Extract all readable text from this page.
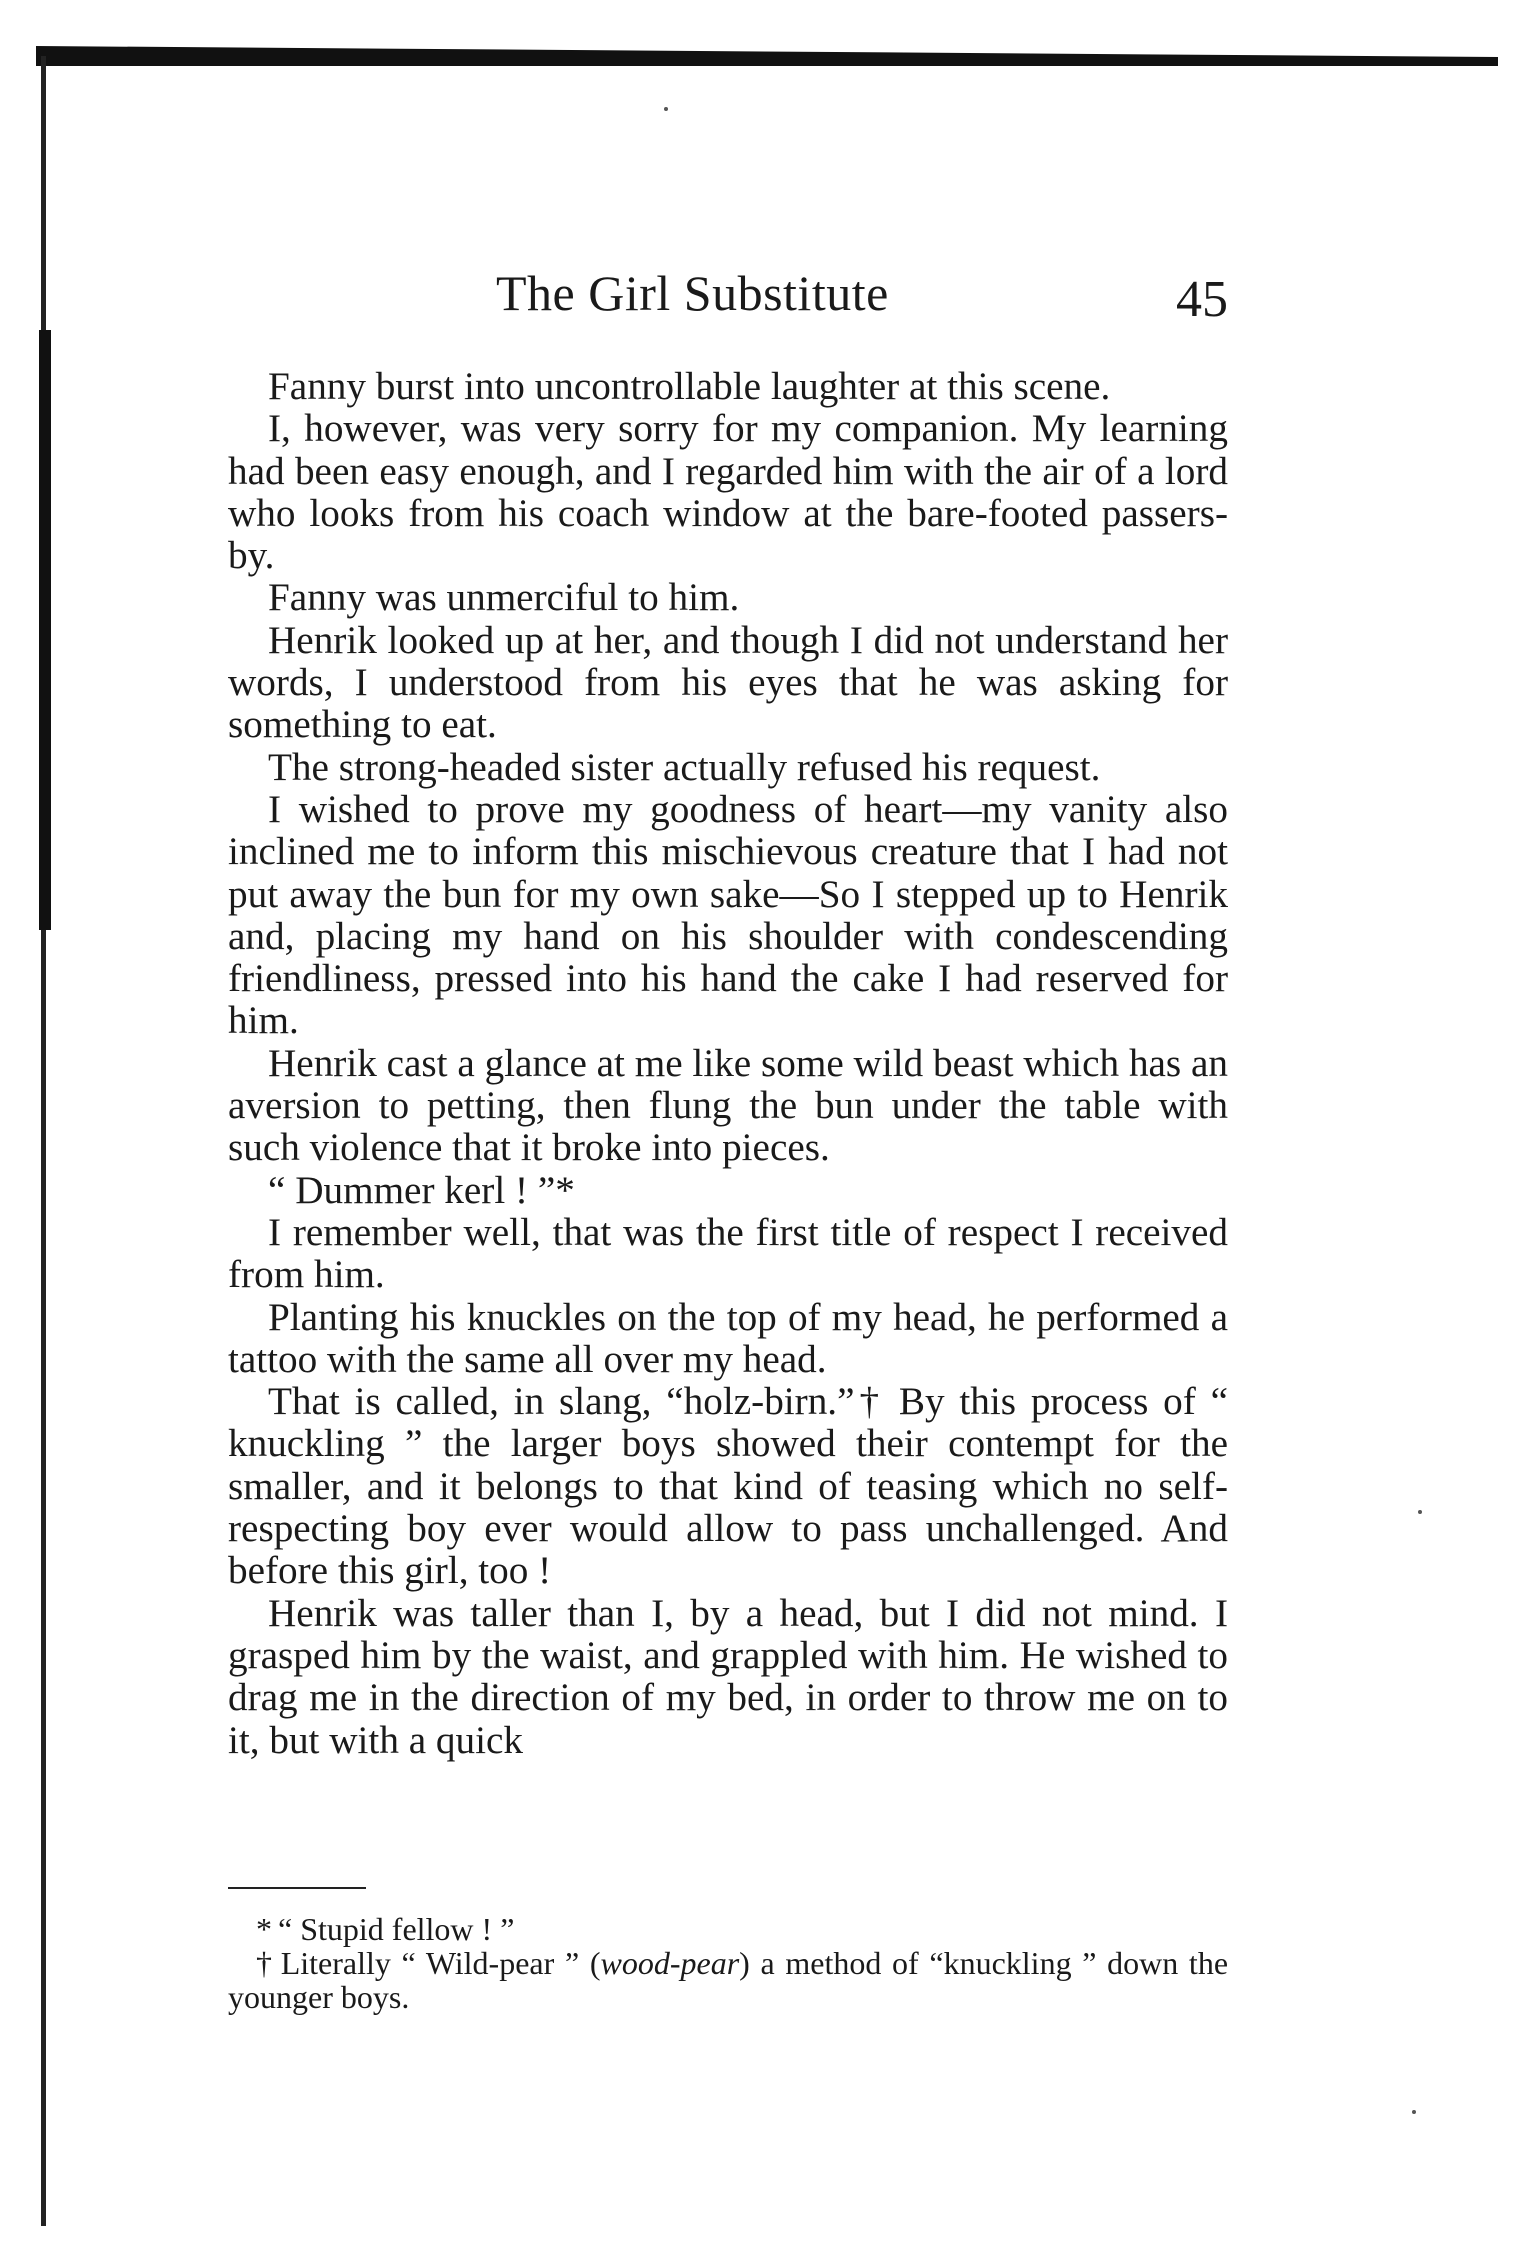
The Girl Substitute	45

Fanny burst into uncontrollable laughter at this scene.

I, however, was very sorry for my companion. My learning had been easy enough, and I regarded him with the air of a lord who looks from his coach window at the bare-footed passers-by.

Fanny was unmerciful to him.

Henrik looked up at her, and though I did not understand her words, I understood from his eyes that he was asking for something to eat.

The strong-headed sister actually refused his request.

I wished to prove my goodness of heart—my vanity also inclined me to inform this mischievous creature that I had not put away the bun for my own sake—So I stepped up to Henrik and, placing my hand on his shoulder with condescending friendliness, pressed into his hand the cake I had reserved for him.

Henrik cast a glance at me like some wild beast which has an aversion to petting, then flung the bun under the table with such violence that it broke into pieces.

“ Dummer kerl ! ”*

I remember well, that was the first title of respect I received from him.

Planting his knuckles on the top of my head, he performed a tattoo with the same all over my head.

That is called, in slang, “holz-birn.”† By this process of “ knuckling ” the larger boys showed their contempt for the smaller, and it belongs to that kind of teasing which no self-respecting boy ever would allow to pass unchallenged. And before this girl, too !

Henrik was taller than I, by a head, but I did not mind. I grasped him by the waist, and grappled with him. He wished to drag me in the direction of my bed, in order to throw me on to it, but with a quick

* “ Stupid fellow ! ”

† Literally “ Wild-pear ” (wood-pear) a method of “knuckling ” down the younger boys.
